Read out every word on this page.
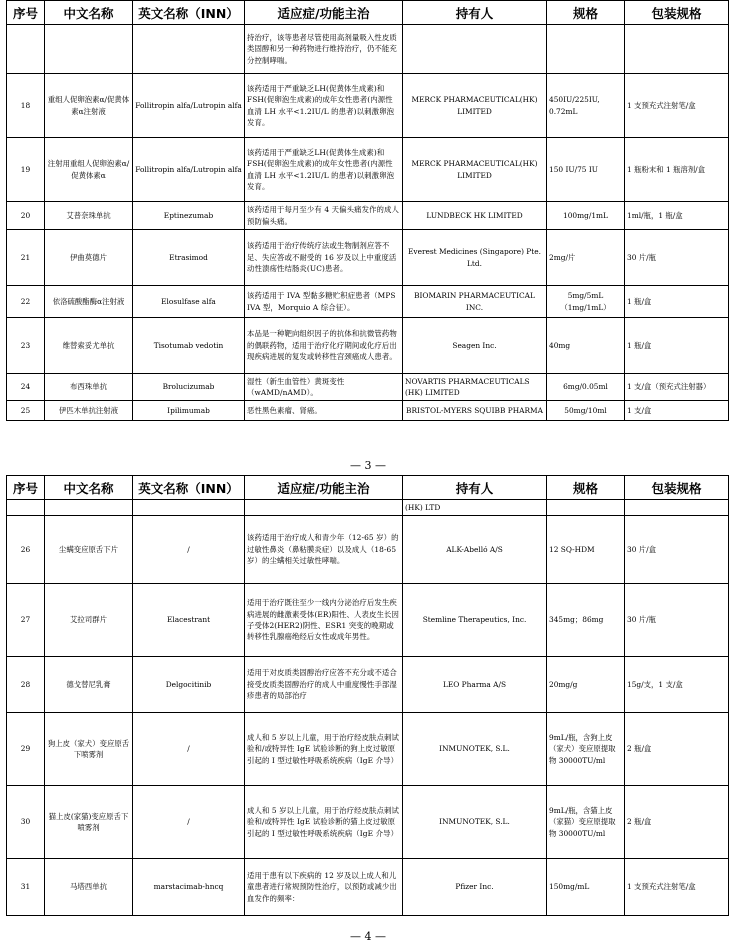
序号	中文名称	英文名称（INN）	适应症/功能主治	持有人	规格	包装规格
			持治疗，该等患者尽管使用高剂量吸入性皮质类固醇和另一种药物进行维持治疗，仍不能充分控制哮喘。			
18	重组人促卵泡素α/促黄体素α注射液	Follitropin alfa/Lutropin alfa	该药适用于严重缺乏LH(促黄体生成素)和FSH(促卵泡生成素)的成年女性患者(内源性血清 LH 水平<1.2IU/L 的患者)以刺激卵泡发育。	MERCK PHARMACEUTICAL(HK) LIMITED	450IU/225IU, 0.72mL	1 支预充式注射笔/盒
19	注射用重组人促卵泡素α/促黄体素α	Follitropin alfa/Lutropin alfa	该药适用于严重缺乏LH(促黄体生成素)和FSH(促卵泡生成素)的成年女性患者(内源性血清 LH 水平<1.2IU/L 的患者)以刺激卵泡发育。	MERCK PHARMACEUTICAL(HK) LIMITED	150 IU/75 IU	1 瓶粉末和 1 瓶溶剂/盒
20	艾普奈珠单抗	Eptinezumab	该药适用于每月至少有 4 天偏头痛发作的成人预防偏头痛。	LUNDBECK HK LIMITED	100mg/1mL	1ml/瓶，1 瓶/盒
21	伊曲莫德片	Etrasimod	该药适用于治疗传统疗法或生物制剂应答不足、失应答或不耐受的 16 岁及以上中重度活动性溃疡性结肠炎(UC)患者。	Everest Medicines (Singapore) Pte. Ltd.	2mg/片	30 片/瓶
22	依洛硫酸酯酶α注射液	Elosulfase alfa	该药适用于 IVA 型黏多糖贮积症患者（MPS IVA 型，Morquio A 综合征）。	BIOMARIN PHARMACEUTICAL INC.	5mg/5mL （1mg/1mL）	1 瓶/盒
23	维替索妥尤单抗	Tisotumab vedotin	本品是一种靶向组织因子的抗体和抗微管药物的偶联药物，适用于治疗化疗期间或化疗后出现疾病进展的复发或转移性宫颈癌成人患者。	Seagen Inc.	40mg	1 瓶/盒
24	布西珠单抗	Brolucizumab	湿性（新生血管性）黄斑变性（wAMD/nAMD）。	NOVARTIS PHARMACEUTICALS (HK) LIMITED	6mg/0.05ml	1 支/盒（预充式注射器）
25	伊匹木单抗注射液	Ipilimumab	恶性黑色素瘤、肾癌。	BRISTOL-MYERS SQUIBB PHARMA	50mg/10ml	1 支/盒
— 3 —
序号	中文名称	英文名称（INN）	适应症/功能主治	持有人	规格	包装规格
				(HK) LTD		
26	尘螨变应原舌下片	/	该药适用于治疗成人和青少年（12-65 岁）的过敏性鼻炎（鼻粘膜炎症）以及成人（18-65 岁）的尘螨相关过敏性哮喘。	ALK-Abelló A/S	12 SQ-HDM	30 片/盒
27	艾拉司群片	Elacestrant	适用于治疗既往至少一线内分泌治疗后发生疾病进展的雌激素受体(ER)阳性、人表皮生长因子受体2(HER2)阴性、ESR1 突变的晚期或转移性乳腺癌绝经后女性或成年男性。	Stemline Therapeutics, Inc.	345mg；86mg	30 片/瓶
28	德戈替尼乳膏	Delgocitinib	适用于对皮质类固醇治疗应答不充分或不适合接受皮质类固醇治疗的成人中重度慢性手部湿疹患者的局部治疗	LEO Pharma A/S	20mg/g	15g/支，1 支/盒
29	狗上皮（家犬）变应原舌下喷雾剂	/	成人和 5 岁以上儿童，用于治疗经皮肤点刺试验和/或特异性 IgE 试验诊断的狗上皮过敏原引起的 I 型过敏性呼吸系统疾病（IgE 介导）	INMUNOTEK, S.L.	9mL/瓶，含狗上皮（家犬）变应原提取物 30000TU/ml	2 瓶/盒
30	猫上皮(家猫)变应原舌下喷雾剂	/	成人和 5 岁以上儿童，用于治疗经皮肤点刺试验和/或特异性 IgE 试验诊断的猫上皮过敏原引起的 I 型过敏性呼吸系统疾病（IgE 介导）	INMUNOTEK, S.L.	9mL/瓶，含猫上皮（家猫）变应原提取物 30000TU/ml	2 瓶/盒
31	马塔西单抗	marstacimab-hncq	适用于患有以下疾病的 12 岁及以上成人和儿童患者进行常规预防性治疗，以预防或减少出血发作的频率：	Pfizer Inc.	150mg/mL	1 支预充式注射笔/盒
— 4 —
